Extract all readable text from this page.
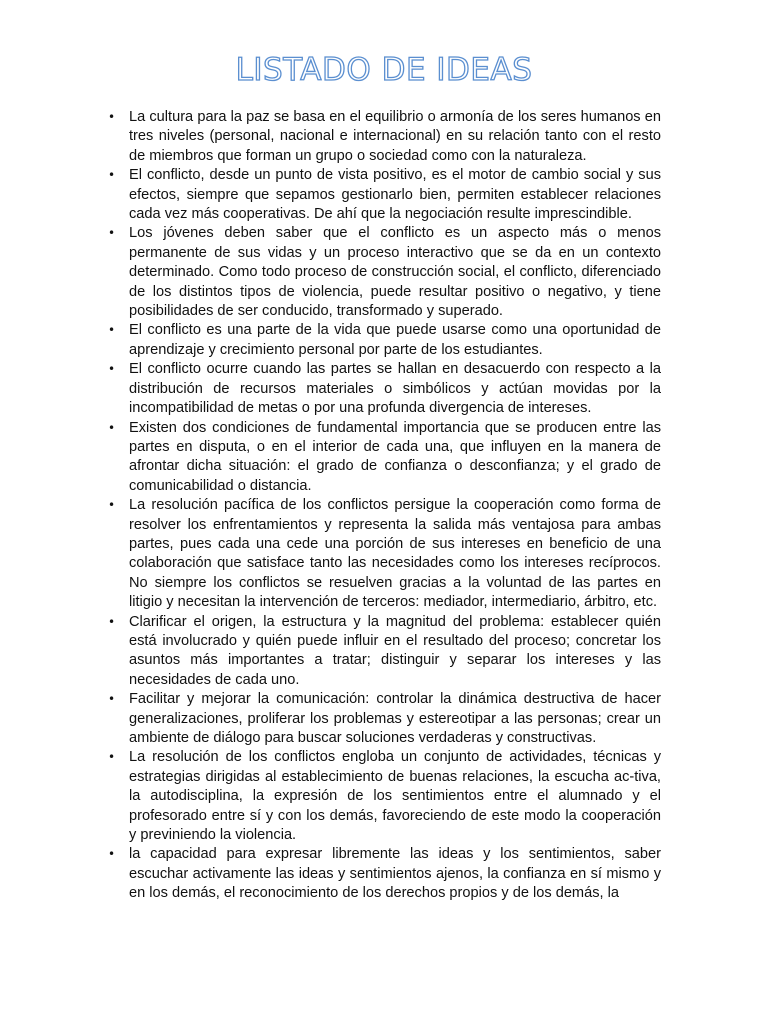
LISTADO DE IDEAS
• La cultura para la paz se basa en el equilibrio o armonía de los seres humanos en tres niveles (personal, nacional e internacional) en su relación tanto con el resto de miembros que forman un grupo o sociedad como con la naturaleza.
• El conflicto, desde un punto de vista positivo, es el motor de cambio social y sus efectos, siempre que sepamos gestionarlo bien, permiten establecer relaciones cada vez más cooperativas. De ahí que la negociación resulte imprescindible.
• Los jóvenes deben saber que el conflicto es un aspecto más o menos permanente de sus vidas y un proceso interactivo que se da en un contexto determinado. Como todo proceso de construcción social, el conflicto, diferenciado de los distintos tipos de violencia, puede resultar positivo o negativo, y tiene posibilidades de ser conducido, transformado y superado.
• El conflicto es una parte de la vida que puede usarse como una oportunidad de aprendizaje y crecimiento personal por parte de los estudiantes.
• El conflicto ocurre cuando las partes se hallan en desacuerdo con respecto a la distribución de recursos materiales o simbólicos y actúan movidas por la incompatibilidad de metas o por una profunda divergencia de intereses.
• Existen dos condiciones de fundamental importancia que se producen entre las partes en disputa, o en el interior de cada una, que influyen en la manera de afrontar dicha situación: el grado de confianza o desconfianza; y el grado de comunicabilidad o distancia.
• La resolución pacífica de los conflictos persigue la cooperación como forma de resolver los enfrentamientos y representa la salida más ventajosa para ambas partes, pues cada una cede una porción de sus intereses en beneficio de una colaboración que satisface tanto las necesidades como los intereses recíprocos. No siempre los conflictos se resuelven gracias a la voluntad de las partes en litigio y necesitan la intervención de terceros: mediador, intermediario, árbitro, etc.
• Clarificar el origen, la estructura y la magnitud del problema: establecer quién está involucrado y quién puede influir en el resultado del proceso; concretar los asuntos más importantes a tratar; distinguir y separar los intereses y las necesidades de cada uno.
• Facilitar y mejorar la comunicación: controlar la dinámica destructiva de hacer generalizaciones, proliferar los problemas y estereotipar a las personas; crear un ambiente de diálogo para buscar soluciones verdaderas y constructivas.
• La resolución de los conflictos engloba un conjunto de actividades, técnicas y estrategias dirigidas al establecimiento de buenas relaciones, la escucha ac-tiva, la autodisciplina, la expresión de los sentimientos entre el alumnado y el profesorado entre sí y con los demás, favoreciendo de este modo la cooperación y previniendo la violencia.
• la capacidad para expresar libremente las ideas y los sentimientos, saber escuchar activamente las ideas y sentimientos ajenos, la confianza en sí mismo y en los demás, el reconocimiento de los derechos propios y de los demás, la
